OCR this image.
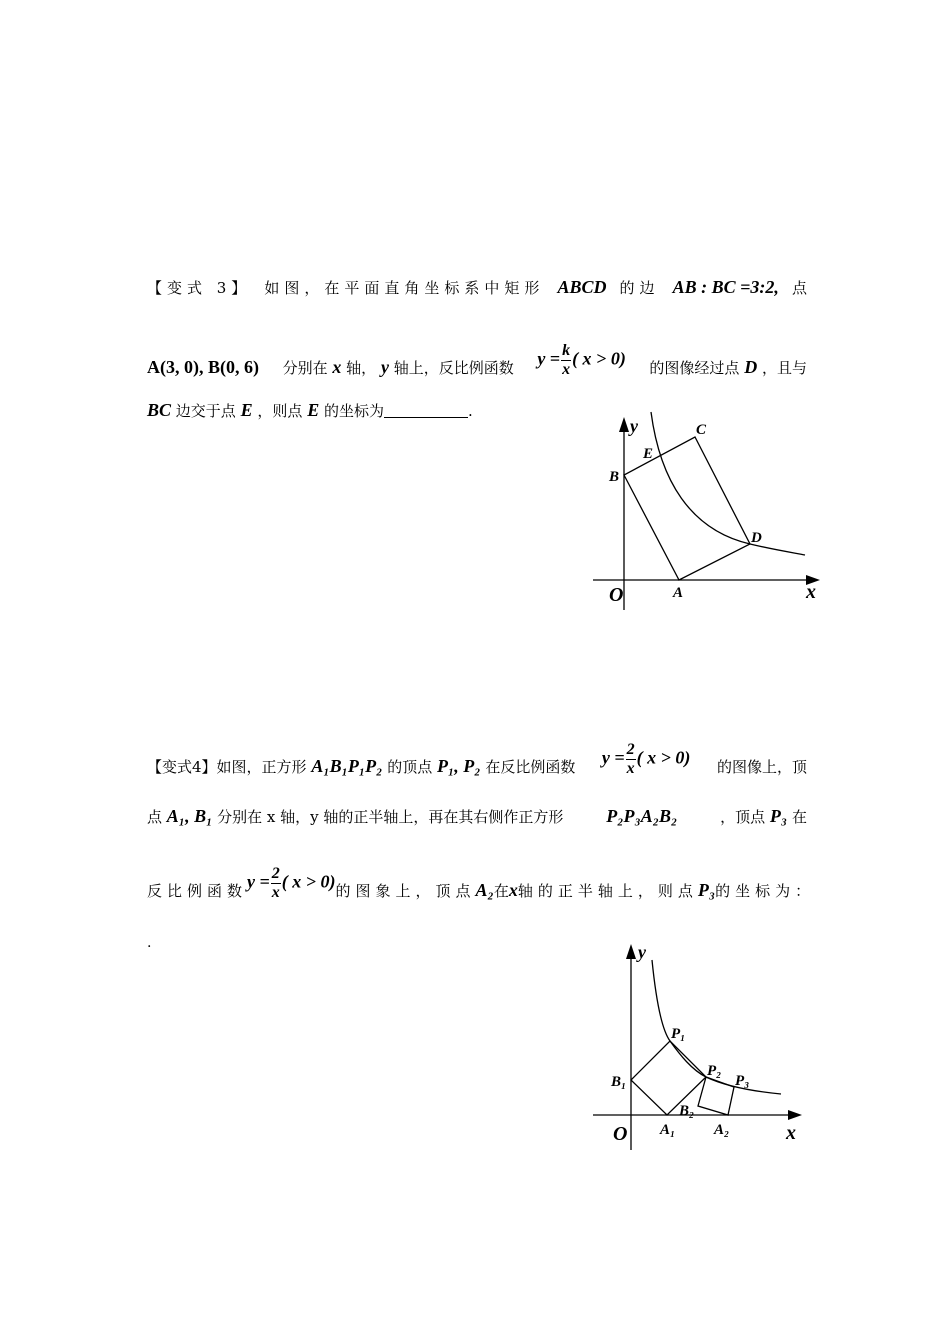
【变式 3】 如图，在平面直角坐标系中矩形 ABCD 的边 AB : BC =3:2, 点
A(3, 0), B(0, 6) 分别在 x 轴， y 轴上，反比例函数 $y = \frac{k}{x}$ ( x > 0) 的图像经过点 D ，且与
BC 边交于点 E ，则点 E 的坐标为	.
y	C
E
B
D
O	A	x
【变式4】如图，正方形 A₁B₁P₁P₂ 的顶点 P₁, P₂ 在反比例函数 $y = \frac{2}{x}$ ( x > 0) 的图像上，顶
点 A₁, B₁ 分别在 x 轴，y 轴的正半轴上，再在其右侧作正方形 P₂P₃A₂B₂	，顶点 P₃ 在
反比例函数 $y = \frac{2}{x}$ ( x > 0) 的图象上，顶点 A₂ 在 x 轴的正半轴上，则点 P₃ 的坐标为：
.	y
P₁
B₁
P₂
P₃
B₂
O A₁	A₂	x
